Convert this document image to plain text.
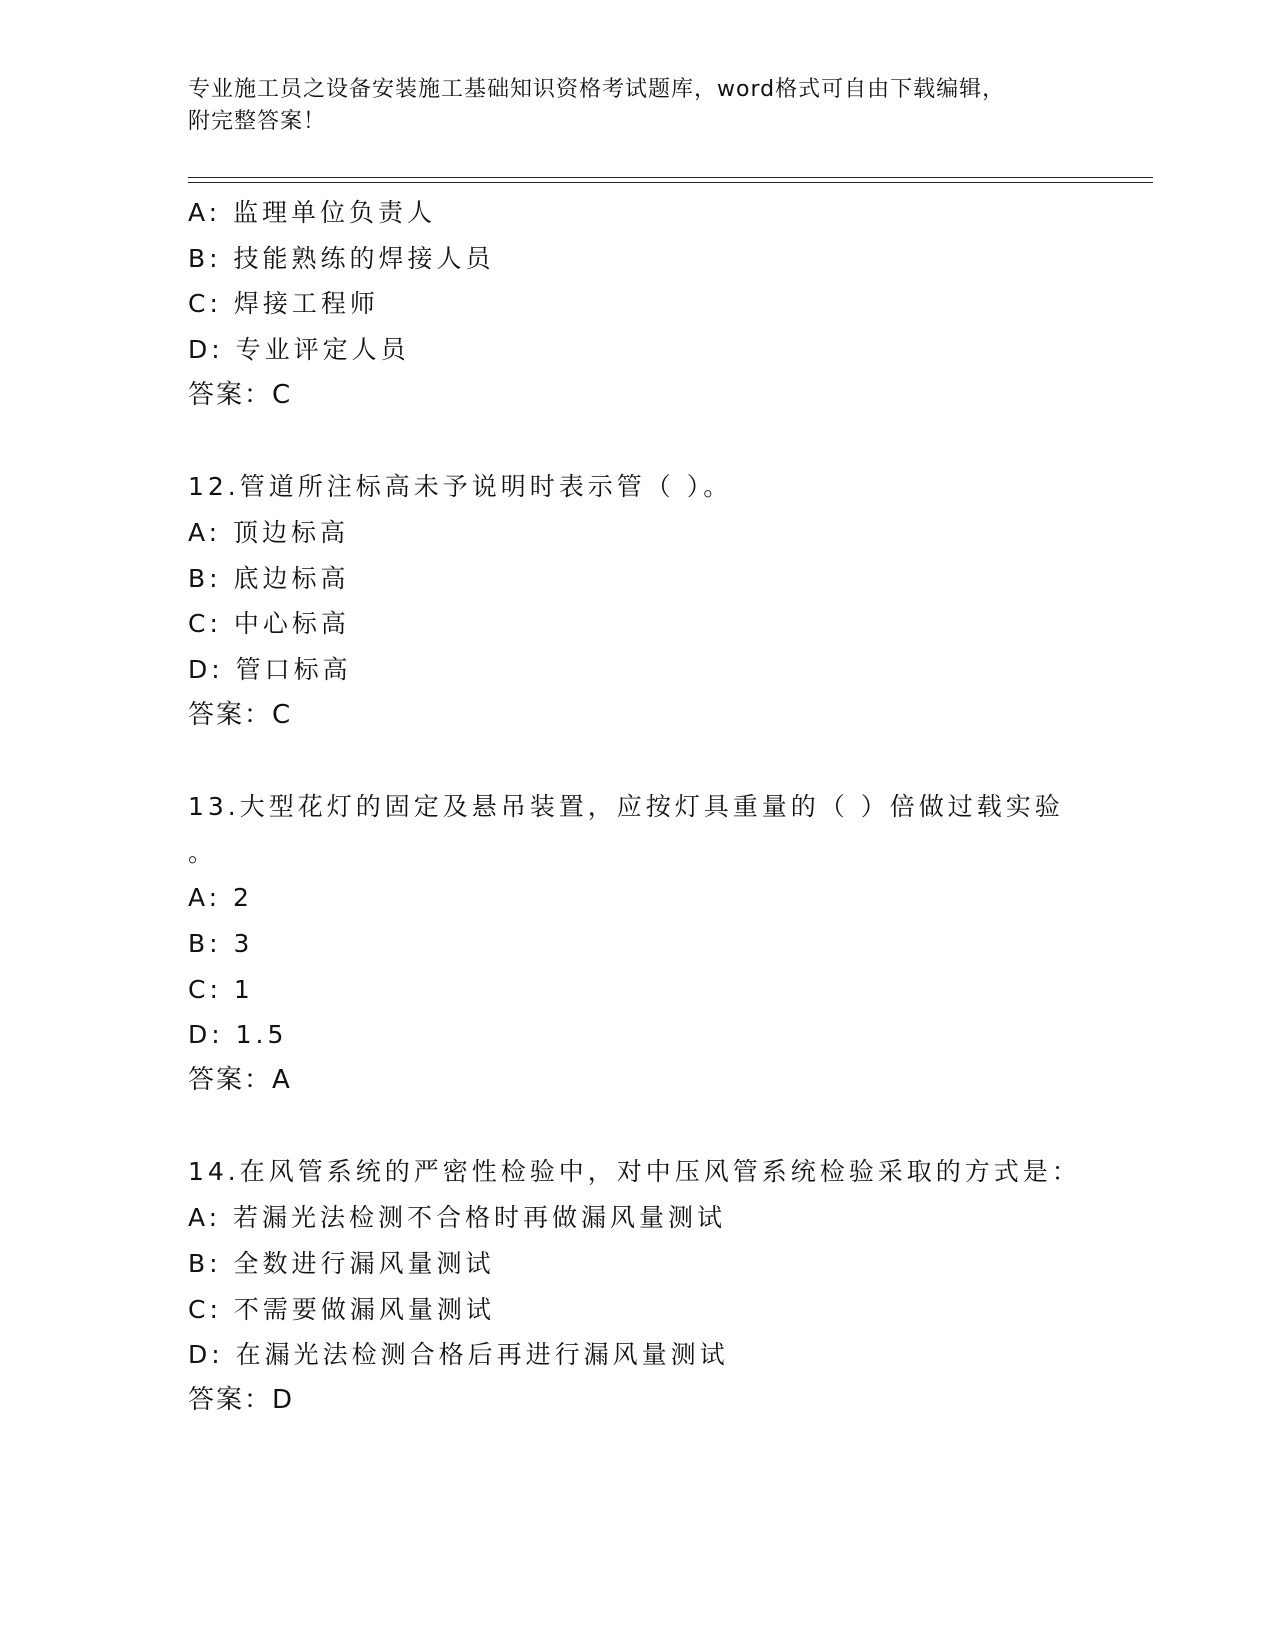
专业施工员之设备安装施工基础知识资格考试题库，word格式可自由下载编辑，
附完整答案！
A: 监理单位负责人
B: 技能熟练的焊接人员
C: 焊接工程师
D: 专业评定人员
答案：C
12.管道所注标高未予说明时表示管（ ）。
A: 顶边标高
B: 底边标高
C: 中心标高
D: 管口标高
答案：C
13.大型花灯的固定及悬吊装置，应按灯具重量的（ ）倍做过载实验
。
A: 2
B: 3
C: 1
D: 1.5
答案：A
14.在风管系统的严密性检验中，对中压风管系统检验采取的方式是：
A: 若漏光法检测不合格时再做漏风量测试
B: 全数进行漏风量测试
C: 不需要做漏风量测试
D: 在漏光法检测合格后再进行漏风量测试
答案：D
